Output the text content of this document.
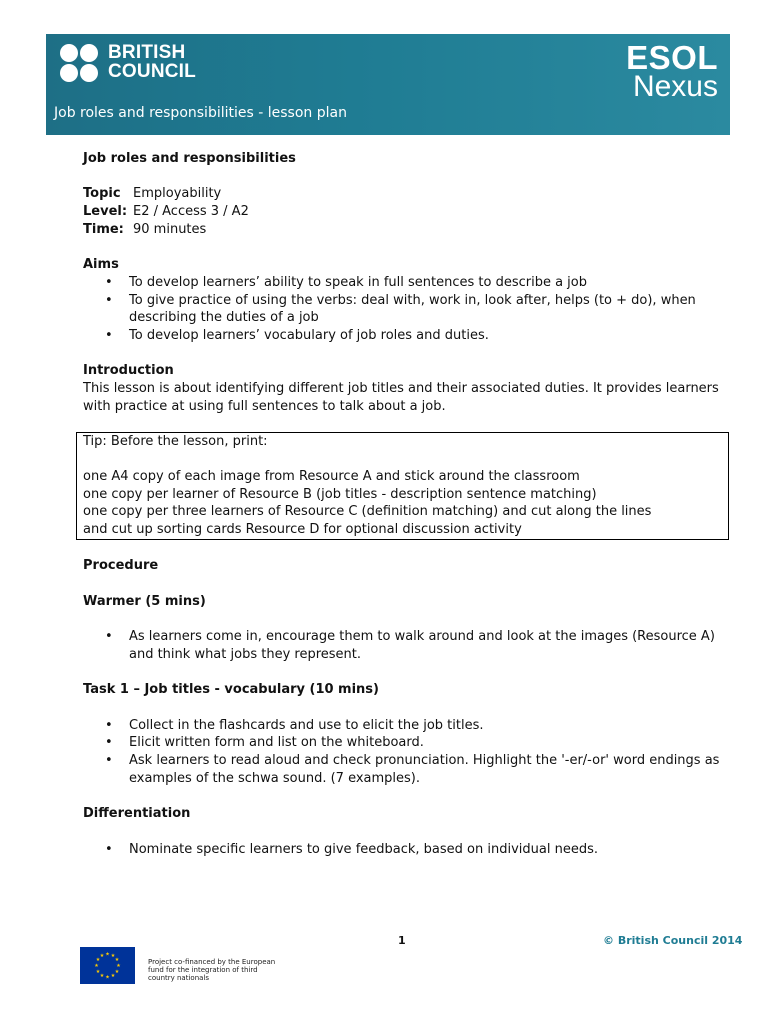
BRITISH
COUNCIL	ESOL
Nexus
Job roles and responsibilities - lesson plan

Job roles and responsibilities

Topic Employability
Level: E2 / Access 3 / A2
Time: 90 minutes

Aims

• To develop learners’ ability to speak in full sentences to describe a job
• To give practice of using the verbs: deal with, work in, look after, helps (to + do), when describing the duties of a job
• To develop learners’ vocabulary of job roles and duties.

Introduction

This lesson is about identifying different job titles and their associated duties. It provides learners with practice at using full sentences to talk about a job.

Tip: Before the lesson, print:

one A4 copy of each image from Resource A and stick around the classroom

one copy per learner of Resource B (job titles - description sentence matching)

one copy per three learners of Resource C (definition matching) and cut along the lines

and cut up sorting cards Resource D for optional discussion activity

Procedure

Warmer (5 mins)

• As learners come in, encourage them to walk around and look at the images (Resource A) and think what jobs they represent.

Task 1 – Job titles - vocabulary (10 mins)

• Collect in the flashcards and use to elicit the job titles.
• Elicit written form and list on the whiteboard.
• Ask learners to read aloud and check pronunciation. Highlight the '-er/-or' word endings as examples of the schwa sound. (7 examples).

Differentiation

• Nominate specific learners to give feedback, based on individual needs.
1	© British Council 2014
★ ★
★
★
★
★
★
★
★
★
★
★
Project co-financed by the European fund for the integration of third country nationals
